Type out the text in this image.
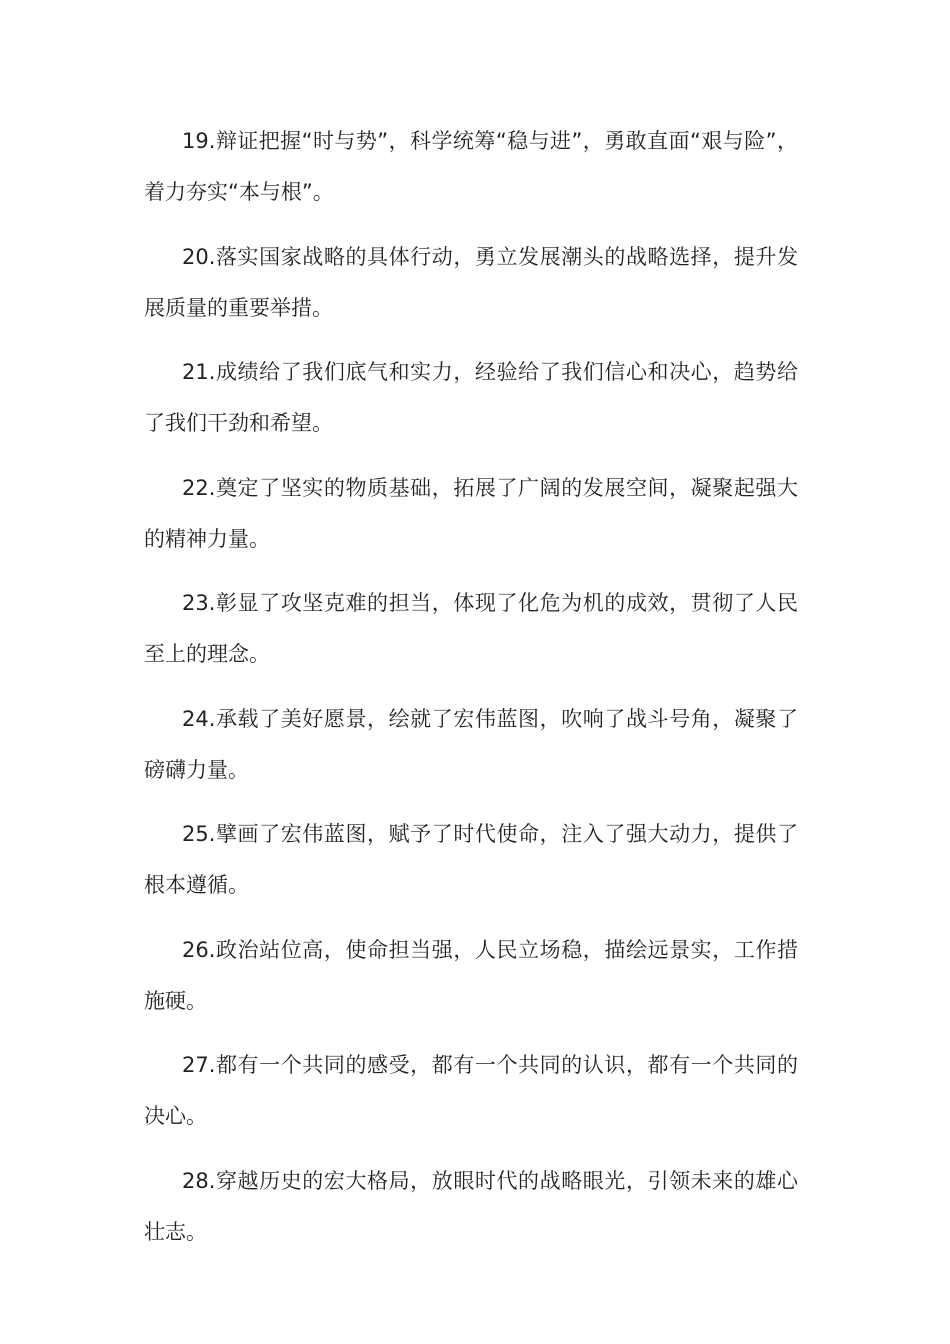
19.辩证把握“时与势”，科学统筹“稳与进”，勇敢直面“艰与险”，着力夯实“本与根”。

20.落实国家战略的具体行动，勇立发展潮头的战略选择，提升发展质量的重要举措。

21.成绩给了我们底气和实力，经验给了我们信心和决心，趋势给了我们干劲和希望。

22.奠定了坚实的物质基础，拓展了广阔的发展空间，凝聚起强大的精神力量。

23.彰显了攻坚克难的担当，体现了化危为机的成效，贯彻了人民至上的理念。

24.承载了美好愿景，绘就了宏伟蓝图，吹响了战斗号角，凝聚了磅礴力量。

25.擘画了宏伟蓝图，赋予了时代使命，注入了强大动力，提供了根本遵循。

26.政治站位高，使命担当强，人民立场稳，描绘远景实，工作措施硬。

27.都有一个共同的感受，都有一个共同的认识，都有一个共同的决心。

28.穿越历史的宏大格局，放眼时代的战略眼光，引领未来的雄心壮志。
